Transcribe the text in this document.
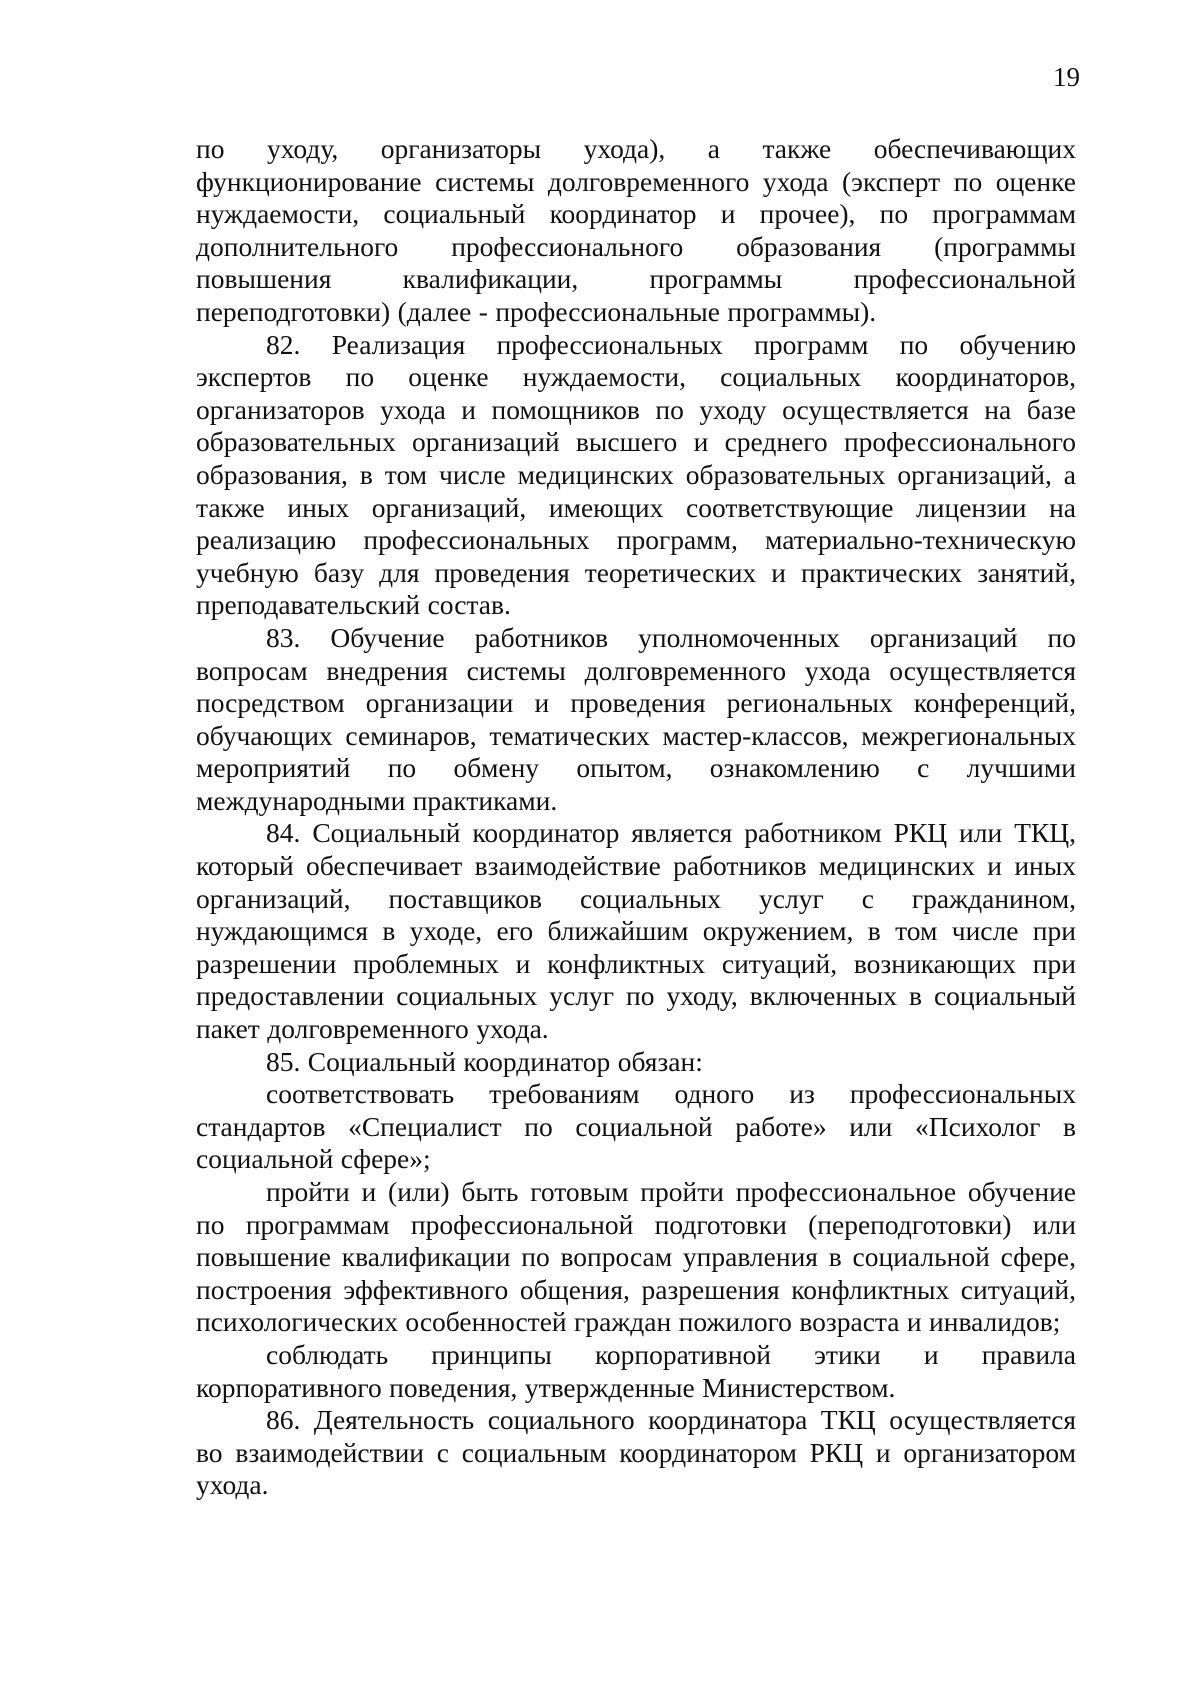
19

по уходу, организаторы ухода), а также обеспечивающих функционирование системы долговременного ухода (эксперт по оценке нуждаемости, социальный координатор и прочее), по программам дополнительного профессионального образования (программы повышения квалификации, программы профессиональной переподготовки) (далее - профессиональные программы).

82. Реализация профессиональных программ по обучению экспертов по оценке нуждаемости, социальных координаторов, организаторов ухода и помощников по уходу осуществляется на базе образовательных организаций высшего и среднего профессионального образования, в том числе медицинских образовательных организаций, а также иных организаций, имеющих соответствующие лицензии на реализацию профессиональных программ, материально-техническую учебную базу для проведения теоретических и практических занятий, преподавательский состав.

83. Обучение работников уполномоченных организаций по вопросам внедрения системы долговременного ухода осуществляется посредством организации и проведения региональных конференций, обучающих семинаров, тематических мастер-классов, межрегиональных мероприятий по обмену опытом, ознакомлению с лучшими международными практиками.

84. Социальный координатор является работником РКЦ или ТКЦ, который обеспечивает взаимодействие работников медицинских и иных организаций, поставщиков социальных услуг с гражданином, нуждающимся в уходе, его ближайшим окружением, в том числе при разрешении проблемных и конфликтных ситуаций, возникающих при предоставлении социальных услуг по уходу, включенных в социальный пакет долговременного ухода.

85. Социальный координатор обязан:

соответствовать требованиям одного из профессиональных стандартов «Специалист по социальной работе» или «Психолог в социальной сфере»;

пройти и (или) быть готовым пройти профессиональное обучение по программам профессиональной подготовки (переподготовки) или повышение квалификации по вопросам управления в социальной сфере, построения эффективного общения, разрешения конфликтных ситуаций, психологических особенностей граждан пожилого возраста и инвалидов;

соблюдать принципы корпоративной этики и правила корпоративного поведения, утвержденные Министерством.

86. Деятельность социального координатора ТКЦ осуществляется во взаимодействии с социальным координатором РКЦ и организатором ухода.
